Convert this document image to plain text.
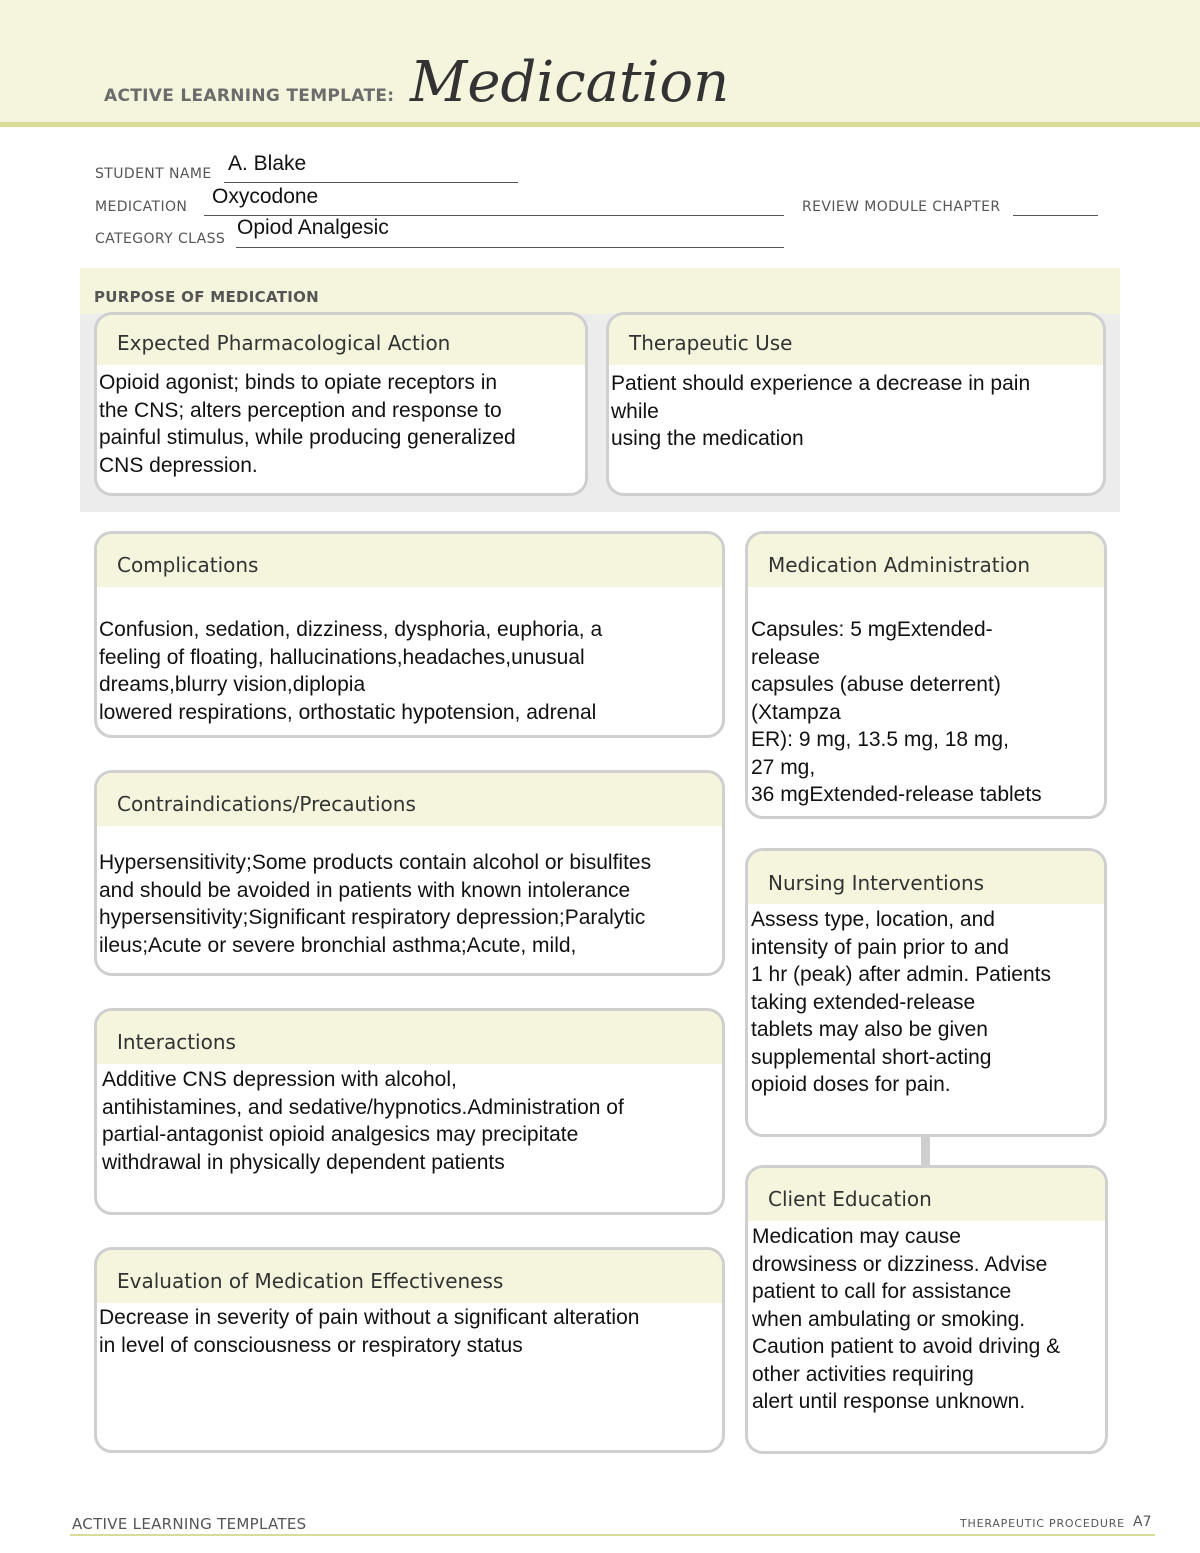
ACTIVE LEARNING TEMPLATE: Medication
STUDENT NAME A. Blake
MEDICATION Oxycodone	REVIEW MODULE CHAPTER
CATEGORY CLASS Opiod Analgesic
PURPOSE OF MEDICATION
Expected Pharmacological Action
Opioid agonist; binds to opiate receptors in
the CNS; alters perception and response to
painful stimulus, while producing generalized
CNS depression.
Therapeutic Use
Patient should experience a decrease in pain
while
using the medication
Complications
Confusion, sedation, dizziness, dysphoria, euphoria, a
feeling of floating, hallucinations,headaches,unusual
dreams,blurry vision,diplopia
lowered respirations, orthostatic hypotension, adrenal
Contraindications/Precautions
Hypersensitivity;Some products contain alcohol or bisulfites
and should be avoided in patients with known intolerance
hypersensitivity;Significant respiratory depression;Paralytic
ileus;Acute or severe bronchial asthma;Acute, mild,
Interactions
Additive CNS depression with alcohol,
antihistamines, and sedative/hypnotics.Administration of
partial-antagonist opioid analgesics may precipitate
withdrawal in physically dependent patients
Evaluation of Medication Effectiveness
Decrease in severity of pain without a significant alteration
in level of consciousness or respiratory status
Medication Administration
Capsules: 5 mgExtended-
release
capsules (abuse deterrent)
(Xtampza
ER): 9 mg, 13.5 mg, 18 mg,
27 mg,
36 mgExtended-release tablets
Nursing Interventions
Assess type, location, and
intensity of pain prior to and
1 hr (peak) after admin. Patients
taking extended-release
tablets may also be given
supplemental short-acting
opioid doses for pain.
Client Education
Medication may cause
drowsiness or dizziness. Advise
patient to call for assistance
when ambulating or smoking.
Caution patient to avoid driving &
other activities requiring
alert until response unknown.
ACTIVE LEARNING TEMPLATES	THERAPEUTIC PROCEDURE A7
